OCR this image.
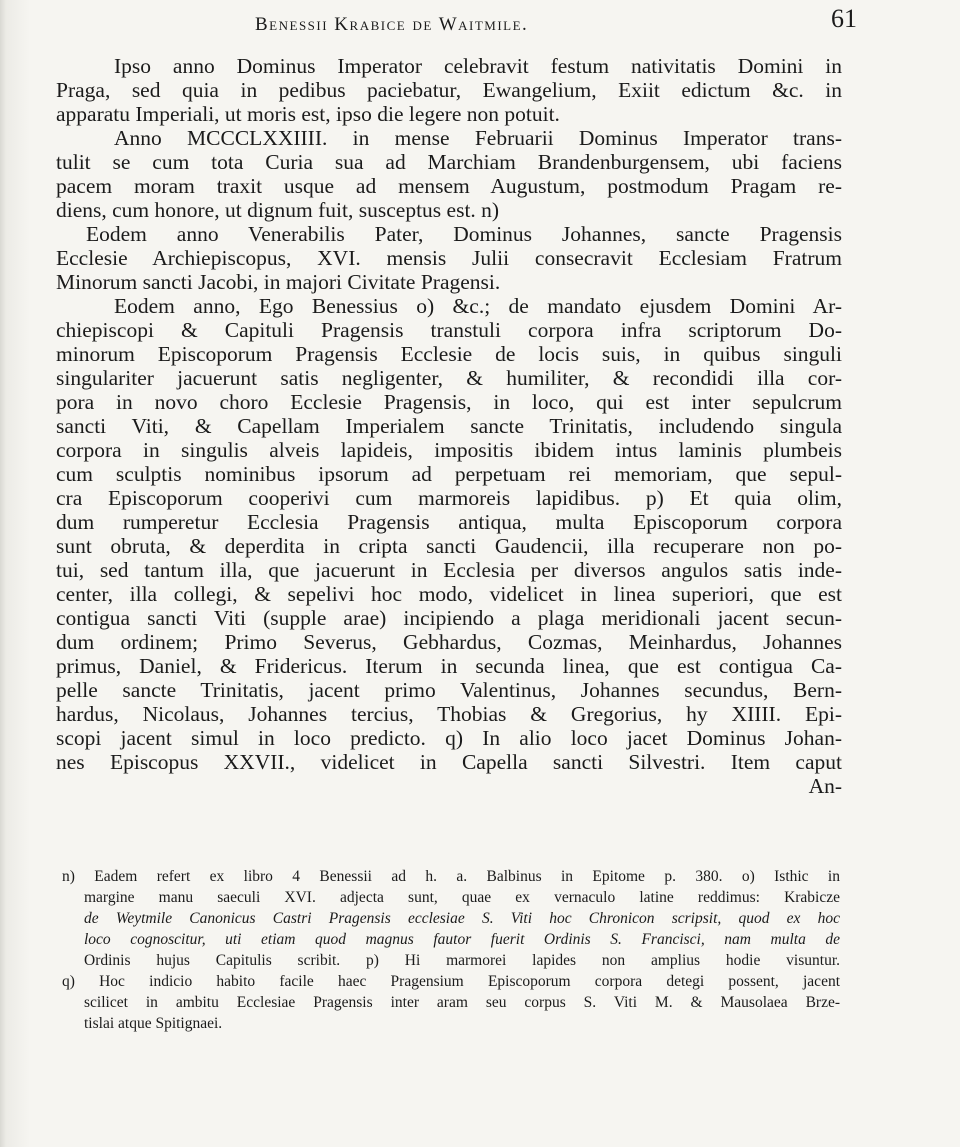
Benessii Krabice de Waitmile.	61
Ipso anno Dominus Imperator celebravit festum nativitatis Domini in
Praga, sed quia in pedibus paciebatur, Ewangelium, Exiit edictum &c. in
apparatu Imperiali, ut moris est, ipso die legere non potuit.
Anno MCCCLXXIIII. in mense Februarii Dominus Imperator trans-
tulit se cum tota Curia sua ad Marchiam Brandenburgensem, ubi faciens
pacem moram traxit usque ad mensem Augustum, postmodum Pragam re-
diens, cum honore, ut dignum fuit, susceptus est. n)
Eodem anno Venerabilis Pater, Dominus Johannes, sancte Pragensis
Ecclesie Archiepiscopus, XVI. mensis Julii consecravit Ecclesiam Fratrum
Minorum sancti Jacobi, in majori Civitate Pragensi.
Eodem anno, Ego Benessius o) &c.; de mandato ejusdem Domini Ar-
chiepiscopi & Capituli Pragensis transtuli corpora infra scriptorum Do-
minorum Episcoporum Pragensis Ecclesie de locis suis, in quibus singuli
singulariter jacuerunt satis negligenter, & humiliter, & recondidi illa cor-
pora in novo choro Ecclesie Pragensis, in loco, qui est inter sepulcrum
sancti Viti, & Capellam Imperialem sancte Trinitatis, includendo singula
corpora in singulis alveis lapideis, impositis ibidem intus laminis plumbeis
cum sculptis nominibus ipsorum ad perpetuam rei memoriam, que sepul-
cra Episcoporum cooperivi cum marmoreis lapidibus. p) Et quia olim,
dum rumperetur Ecclesia Pragensis antiqua, multa Episcoporum corpora
sunt obruta, & deperdita in cripta sancti Gaudencii, illa recuperare non po-
tui, sed tantum illa, que jacuerunt in Ecclesia per diversos angulos satis inde-
center, illa collegi, & sepelivi hoc modo, videlicet in linea superiori, que est
contigua sancti Viti (supple arae) incipiendo a plaga meridionali jacent secun-
dum ordinem; Primo Severus, Gebhardus, Cozmas, Meinhardus, Johannes
primus, Daniel, & Fridericus. Iterum in secunda linea, que est contigua Ca-
pelle sancte Trinitatis, jacent primo Valentinus, Johannes secundus, Bern-
hardus, Nicolaus, Johannes tercius, Thobias & Gregorius, hy XIIII. Epi-
scopi jacent simul in loco predicto. q) In alio loco jacet Dominus Johan-
nes Episcopus XXVII., videlicet in Capella sancti Silvestri. Item caput
An-
n) Eadem refert ex libro 4 Benessii ad h. a. Balbinus in Epitome p. 380. o) Isthic in
margine manu saeculi XVI. adjecta sunt, quae ex vernaculo latine reddimus: Krabicze
de Weytmile Canonicus Castri Pragensis ecclesiae S. Viti hoc Chronicon scripsit, quod ex hoc
loco cognoscitur, uti etiam quod magnus fautor fuerit Ordinis S. Francisci, nam multa de
Ordinis hujus Capitulis scribit. p) Hi marmorei lapides non amplius hodie visuntur.
q) Hoc indicio habito facile haec Pragensium Episcoporum corpora detegi possent, jacent
scilicet in ambitu Ecclesiae Pragensis inter aram seu corpus S. Viti M. & Mausolaea Brze-
tislai atque Spitignaei.
